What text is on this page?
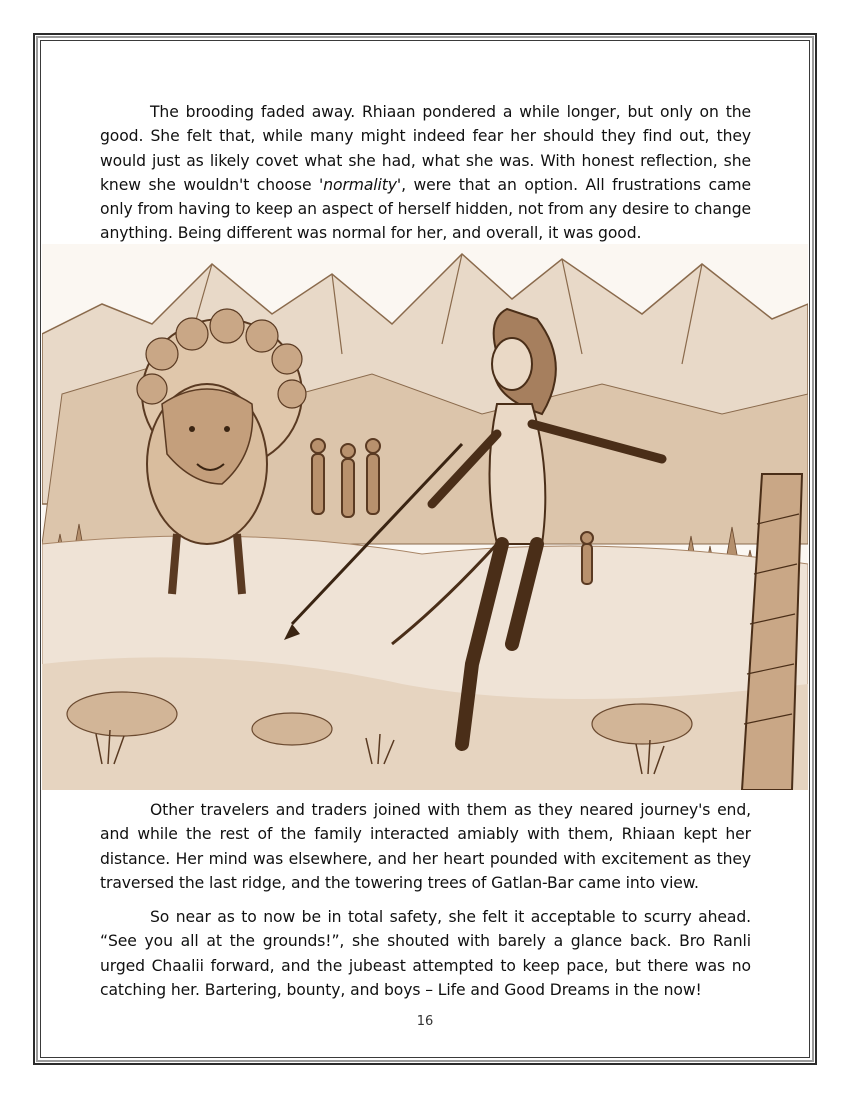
The brooding faded away. Rhiaan pondered a while longer, but only on the good. She felt that, while many might indeed fear her should they find out, they would just as likely covet what she had, what she was. With honest reflection, she knew she wouldn't choose 'normality', were that an option. All frustrations came only from having to keep an aspect of herself hidden, not from any desire to change anything. Being different was normal for her, and overall, it was good.

Other travelers and traders joined with them as they neared journey's end, and while the rest of the family interacted amiably with them, Rhiaan kept her distance. Her mind was elsewhere, and her heart pounded with excitement as they traversed the last ridge, and the towering trees of Gatlan-Bar came into view.

So near as to now be in total safety, she felt it acceptable to scurry ahead. “See you all at the grounds!”, she shouted with barely a glance back. Bro Ranli urged Chaalii forward, and the jubeast attempted to keep pace, but there was no catching her. Bartering, bounty, and boys – Life and Good Dreams in the now!

16
